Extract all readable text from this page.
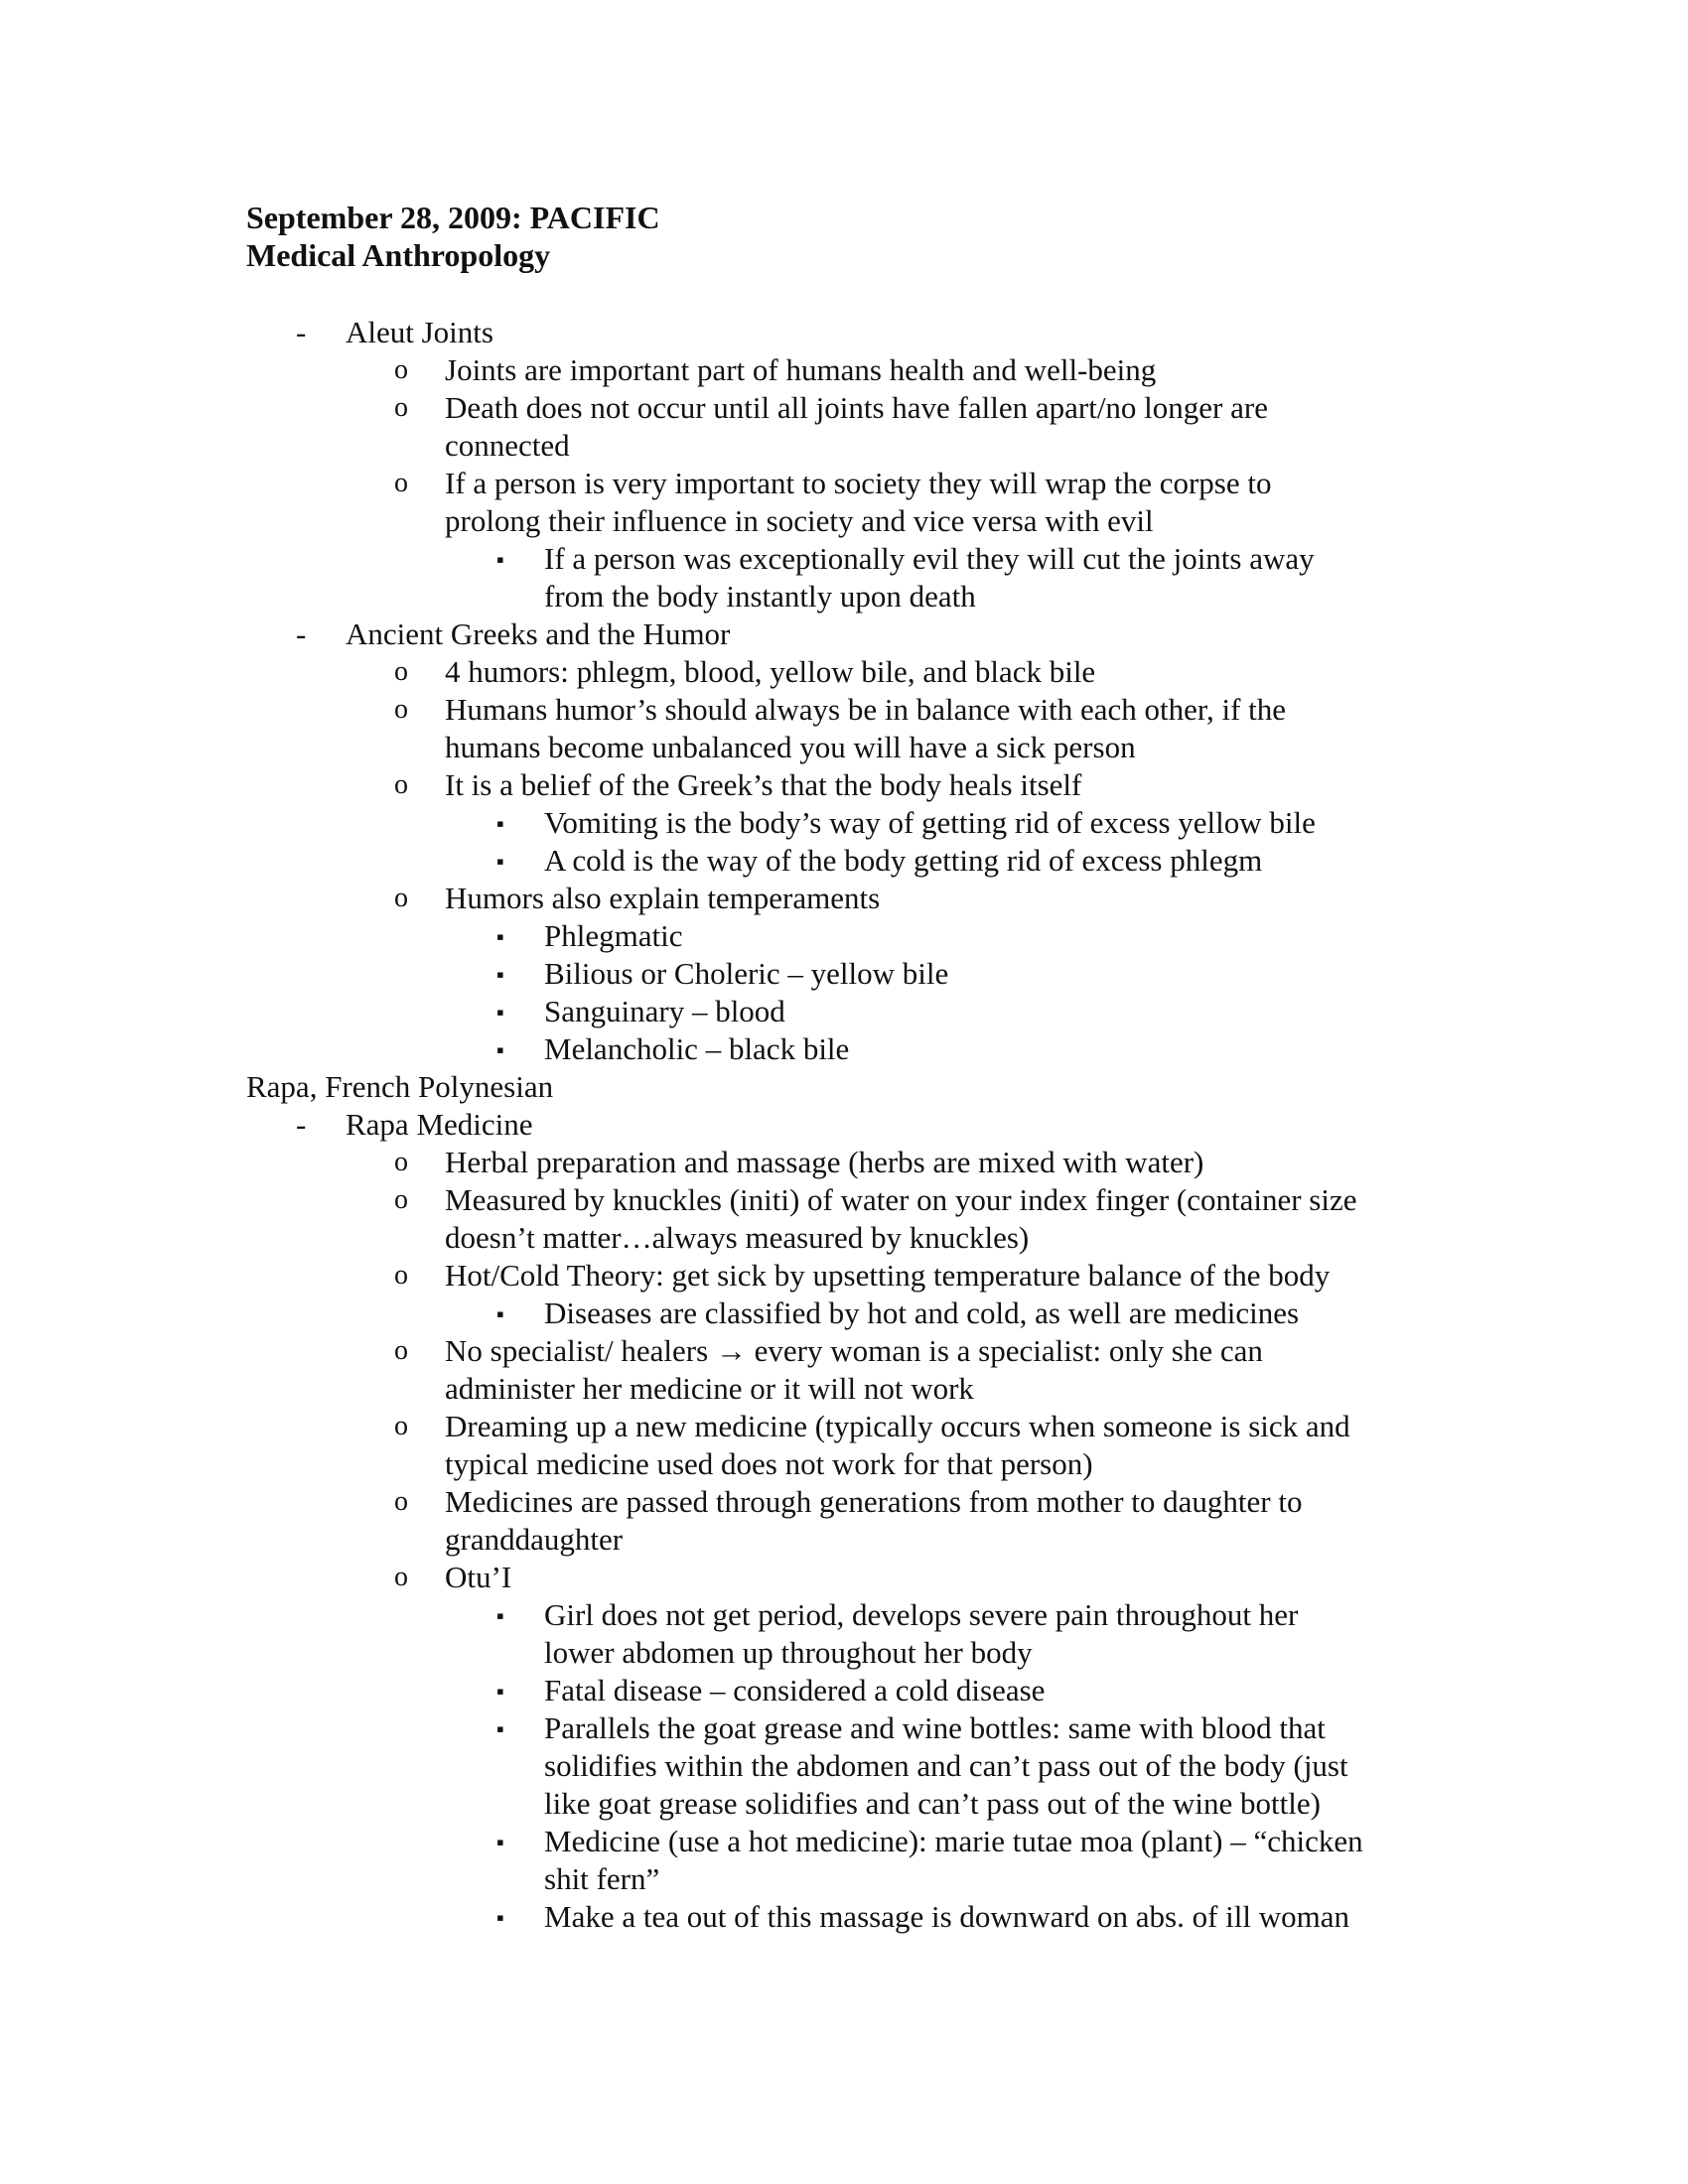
September 28, 2009: PACIFIC
Medical Anthropology
- Aleut Joints
o Joints are important part of humans health and well-being
o Death does not occur until all joints have fallen apart/no longer are
connected
o If a person is very important to society they will wrap the corpse to
prolong their influence in society and vice versa with evil
▪ If a person was exceptionally evil they will cut the joints away
from the body instantly upon death
- Ancient Greeks and the Humor
o 4 humors: phlegm, blood, yellow bile, and black bile
o Humans humor’s should always be in balance with each other, if the
humans become unbalanced you will have a sick person
o It is a belief of the Greek’s that the body heals itself
▪ Vomiting is the body’s way of getting rid of excess yellow bile
▪ A cold is the way of the body getting rid of excess phlegm
o Humors also explain temperaments
▪ Phlegmatic
▪ Bilious or Choleric – yellow bile
▪ Sanguinary – blood
▪ Melancholic – black bile
Rapa, French Polynesian
- Rapa Medicine
o Herbal preparation and massage (herbs are mixed with water)
o Measured by knuckles (initi) of water on your index finger (container size
doesn’t matter…always measured by knuckles)
o Hot/Cold Theory: get sick by upsetting temperature balance of the body
▪ Diseases are classified by hot and cold, as well are medicines
o No specialist/ healers → every woman is a specialist: only she can
administer her medicine or it will not work
o Dreaming up a new medicine (typically occurs when someone is sick and
typical medicine used does not work for that person)
o Medicines are passed through generations from mother to daughter to
granddaughter
o Otu’I
▪ Girl does not get period, develops severe pain throughout her
lower abdomen up throughout her body
▪ Fatal disease – considered a cold disease
▪ Parallels the goat grease and wine bottles: same with blood that
solidifies within the abdomen and can’t pass out of the body (just
like goat grease solidifies and can’t pass out of the wine bottle)
▪ Medicine (use a hot medicine): marie tutae moa (plant) – “chicken
shit fern”
▪ Make a tea out of this massage is downward on abs. of ill woman
